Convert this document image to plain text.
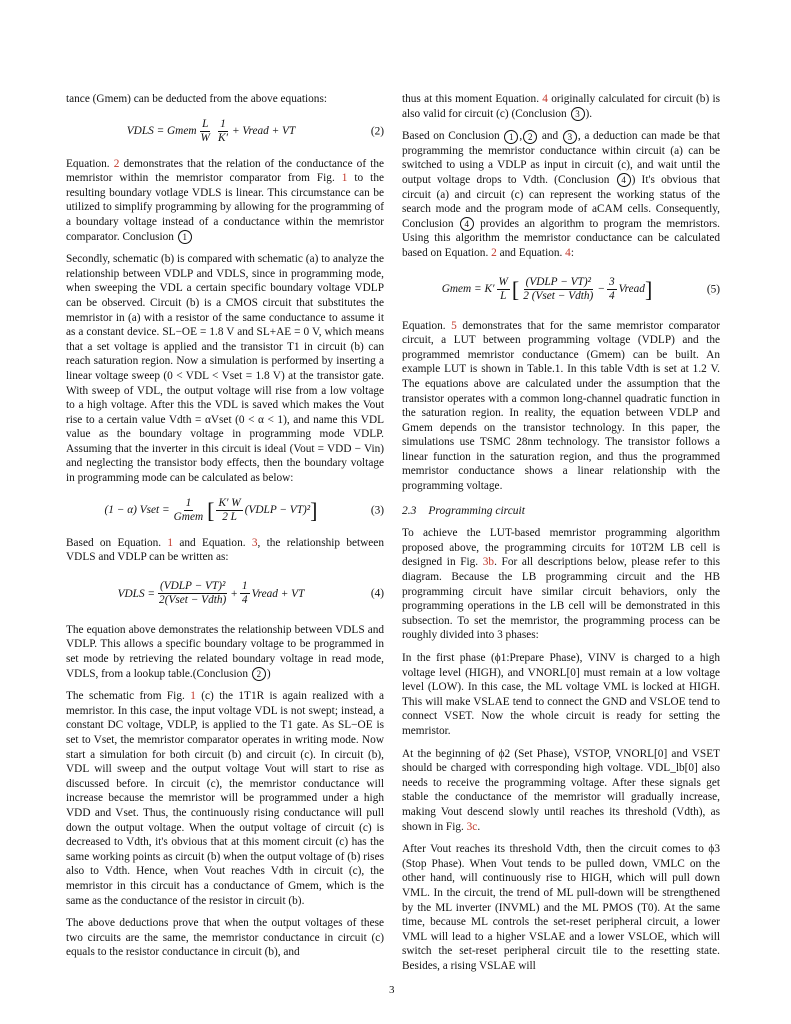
tance (Gmem) can be deducted from the above equations:

VDLS = Gmem $\frac{L}{W} \frac{1}{K'}$ + Vread + VT	(2)

Equation. 2 demonstrates that the relation of the conductance of the memristor within the memristor comparator from Fig. 1 to the resulting boundary votlage VDLS is linear. This circumstance can be utilized to simplify programming by allowing for the programming of a boundary voltage instead of a conductance within the memristor comparator. Conclusion 1

Secondly, schematic (b) is compared with schematic (a) to analyze the relationship between VDLP and VDLS, since in programming mode, when sweeping the VDL a certain specific boundary voltage VDLP can be observed. Circuit (b) is a CMOS circuit that substitutes the memristor in (a) with a resistor of the same conductance to assume it as a constant device. SL−OE = 1.8 V and SL+AE = 0 V, which means that a set voltage is applied and the transistor T1 in circuit (b) can reach saturation region. Now a simulation is performed by inserting a linear voltage sweep (0 < VDL < Vset = 1.8 V) at the transistor gate. With sweep of VDL, the output voltage will rise from a low voltage to a high voltage. After this the VDL is saved which makes the Vout rise to a certain value Vdth = αVset (0 < α < 1), and name this VDL value as the boundary voltage in programming mode VDLP. Assuming that the inverter in this circuit is ideal (Vout = VDD − Vin) and neglecting the transistor body effects, then the boundary voltage in programming mode can be calculated as below:

(1 − α) Vset = $\frac{1}{\text{Gmem}}$ [ $\frac{K' W}{2 L}$ (VDLP − VT)² ]	(3)

Based on Equation. 1 and Equation. 3, the relationship between VDLS and VDLP can be written as:

VDLS = $\frac{\text{(VDLP − VT)²}}{\text{2(Vset − Vdth)}} + \frac{1}{4}$ Vread + VT	(4)

The equation above demonstrates the relationship between VDLS and VDLP. This allows a specific boundary voltage to be programmed in set mode by retrieving the related boundary voltage in read mode, VDLS, from a lookup table.(Conclusion 2 )

The schematic from Fig. 1 (c) the 1T1R is again realized with a memristor. In this case, the input voltage VDL is not swept; instead, a constant DC voltage, VDLP, is applied to the T1 gate. As SL−OE is set to Vset, the memristor comparator operates in writing mode. Now start a simulation for both circuit (b) and circuit (c). In circuit (b), VDL will sweep and the output voltage Vout will start to rise as discussed before. In circuit (c), the memristor conductance will increase because the memristor will be programmed under a high VDD and Vset. Thus, the continuously rising conductance will pull down the output voltage. When the output voltage of circuit (c) is decreased to Vdth, it's obvious that at this moment circuit (c) has the same working points as circuit (b) when the output voltage of (b) rises also to Vdth. Hence, when Vout reaches Vdth in circuit (c), the memristor in this circuit has a conductance of Gmem, which is the same as the conductance of the resistor in circuit (b).

The above deductions prove that when the output voltages of these two circuits are the same, the memristor conductance in circuit (c) equals to the resistor conductance in circuit (b), and

thus at this moment Equation. 4 originally calculated for circuit (b) is also valid for circuit (c) (Conclusion 3 ).

Based on Conclusion 1 , 2 and 3 , a deduction can made be that programming the memristor conductance within circuit (a) can be switched to using a VDLP as input in circuit (c), and wait until the output voltage drops to Vdth. (Conclusion 4 ) It's obvious that circuit (a) and circuit (c) can represent the working status of the search mode and the program mode of aCAM cells. Consequently, Conclusion 4 provides an algorithm to program the memristors. Using this algorithm the memristor conductance can be calculated based on Equation. 2 and Equation. 4:

Gmem = $K' \frac{W}{L}$ [ $\frac{\text{(VDLP − VT)²}}{\text{2 (Vset − Vdth)}} - \frac{3}{4}$ Vread ]	(5)

Equation. 5 demonstrates that for the same memristor comparator circuit, a LUT between programming voltage (VDLP) and the programmed memristor conductance (Gmem) can be built. An example LUT is shown in Table.1. In this table Vdth is set at 1.2 V. The equations above are calculated under the assumption that the transistor operates with a common long-channel quadratic function in the saturation region. In reality, the equation between VDLP and Gmem depends on the transistor technology. In this paper, the simulations use TSMC 28nm technology. The transistor follows a linear function in the saturation region, and thus the programmed memristor conductance shows a linear relationship with the programming voltage.

2.3 Programming circuit

To achieve the LUT-based memristor programming algorithm proposed above, the programming circuits for 10T2M LB cell is designed in Fig. 3b. For all descriptions below, please refer to this diagram. Because the LB programming circuit and the HB programming circuit have similar circuit behaviors, only the programming operations in the LB cell will be demonstrated in this subsection. To set the memristor, the programming process can be roughly divided into 3 phases:

In the first phase (ϕ1:Prepare Phase), VINV is charged to a high voltage level (HIGH), and VNORL[0] must remain at a low voltage level (LOW). In this case, the ML voltage VML is locked at HIGH. This will make VSLAE tend to connect the GND and VSLOE tend to connect VSET. Now the whole circuit is ready for setting the memristor.

At the beginning of ϕ2 (Set Phase), VSTOP, VNORL[0] and VSET should be charged with corresponding high voltage. VDL_lb[0] also needs to receive the programming voltage. After these signals get stable the conductance of the memristor will gradually increase, making Vout descend slowly until reaches its threshold (Vdth), as shown in Fig. 3c.

After Vout reaches its threshold Vdth, then the circuit comes to ϕ3 (Stop Phase). When Vout tends to be pulled down, VMLC on the other hand, will continuously rise to HIGH, which will pull down VML. In the circuit, the trend of ML pull-down will be strengthened by the ML inverter (INVML) and the ML PMOS (T0). At the same time, because ML controls the set-reset peripheral circuit, a lower VML will lead to a higher VSLAE and a lower VSLOE, which will switch the set-reset peripheral circuit tile to the resetting state. Besides, a rising VSLAE will

3
